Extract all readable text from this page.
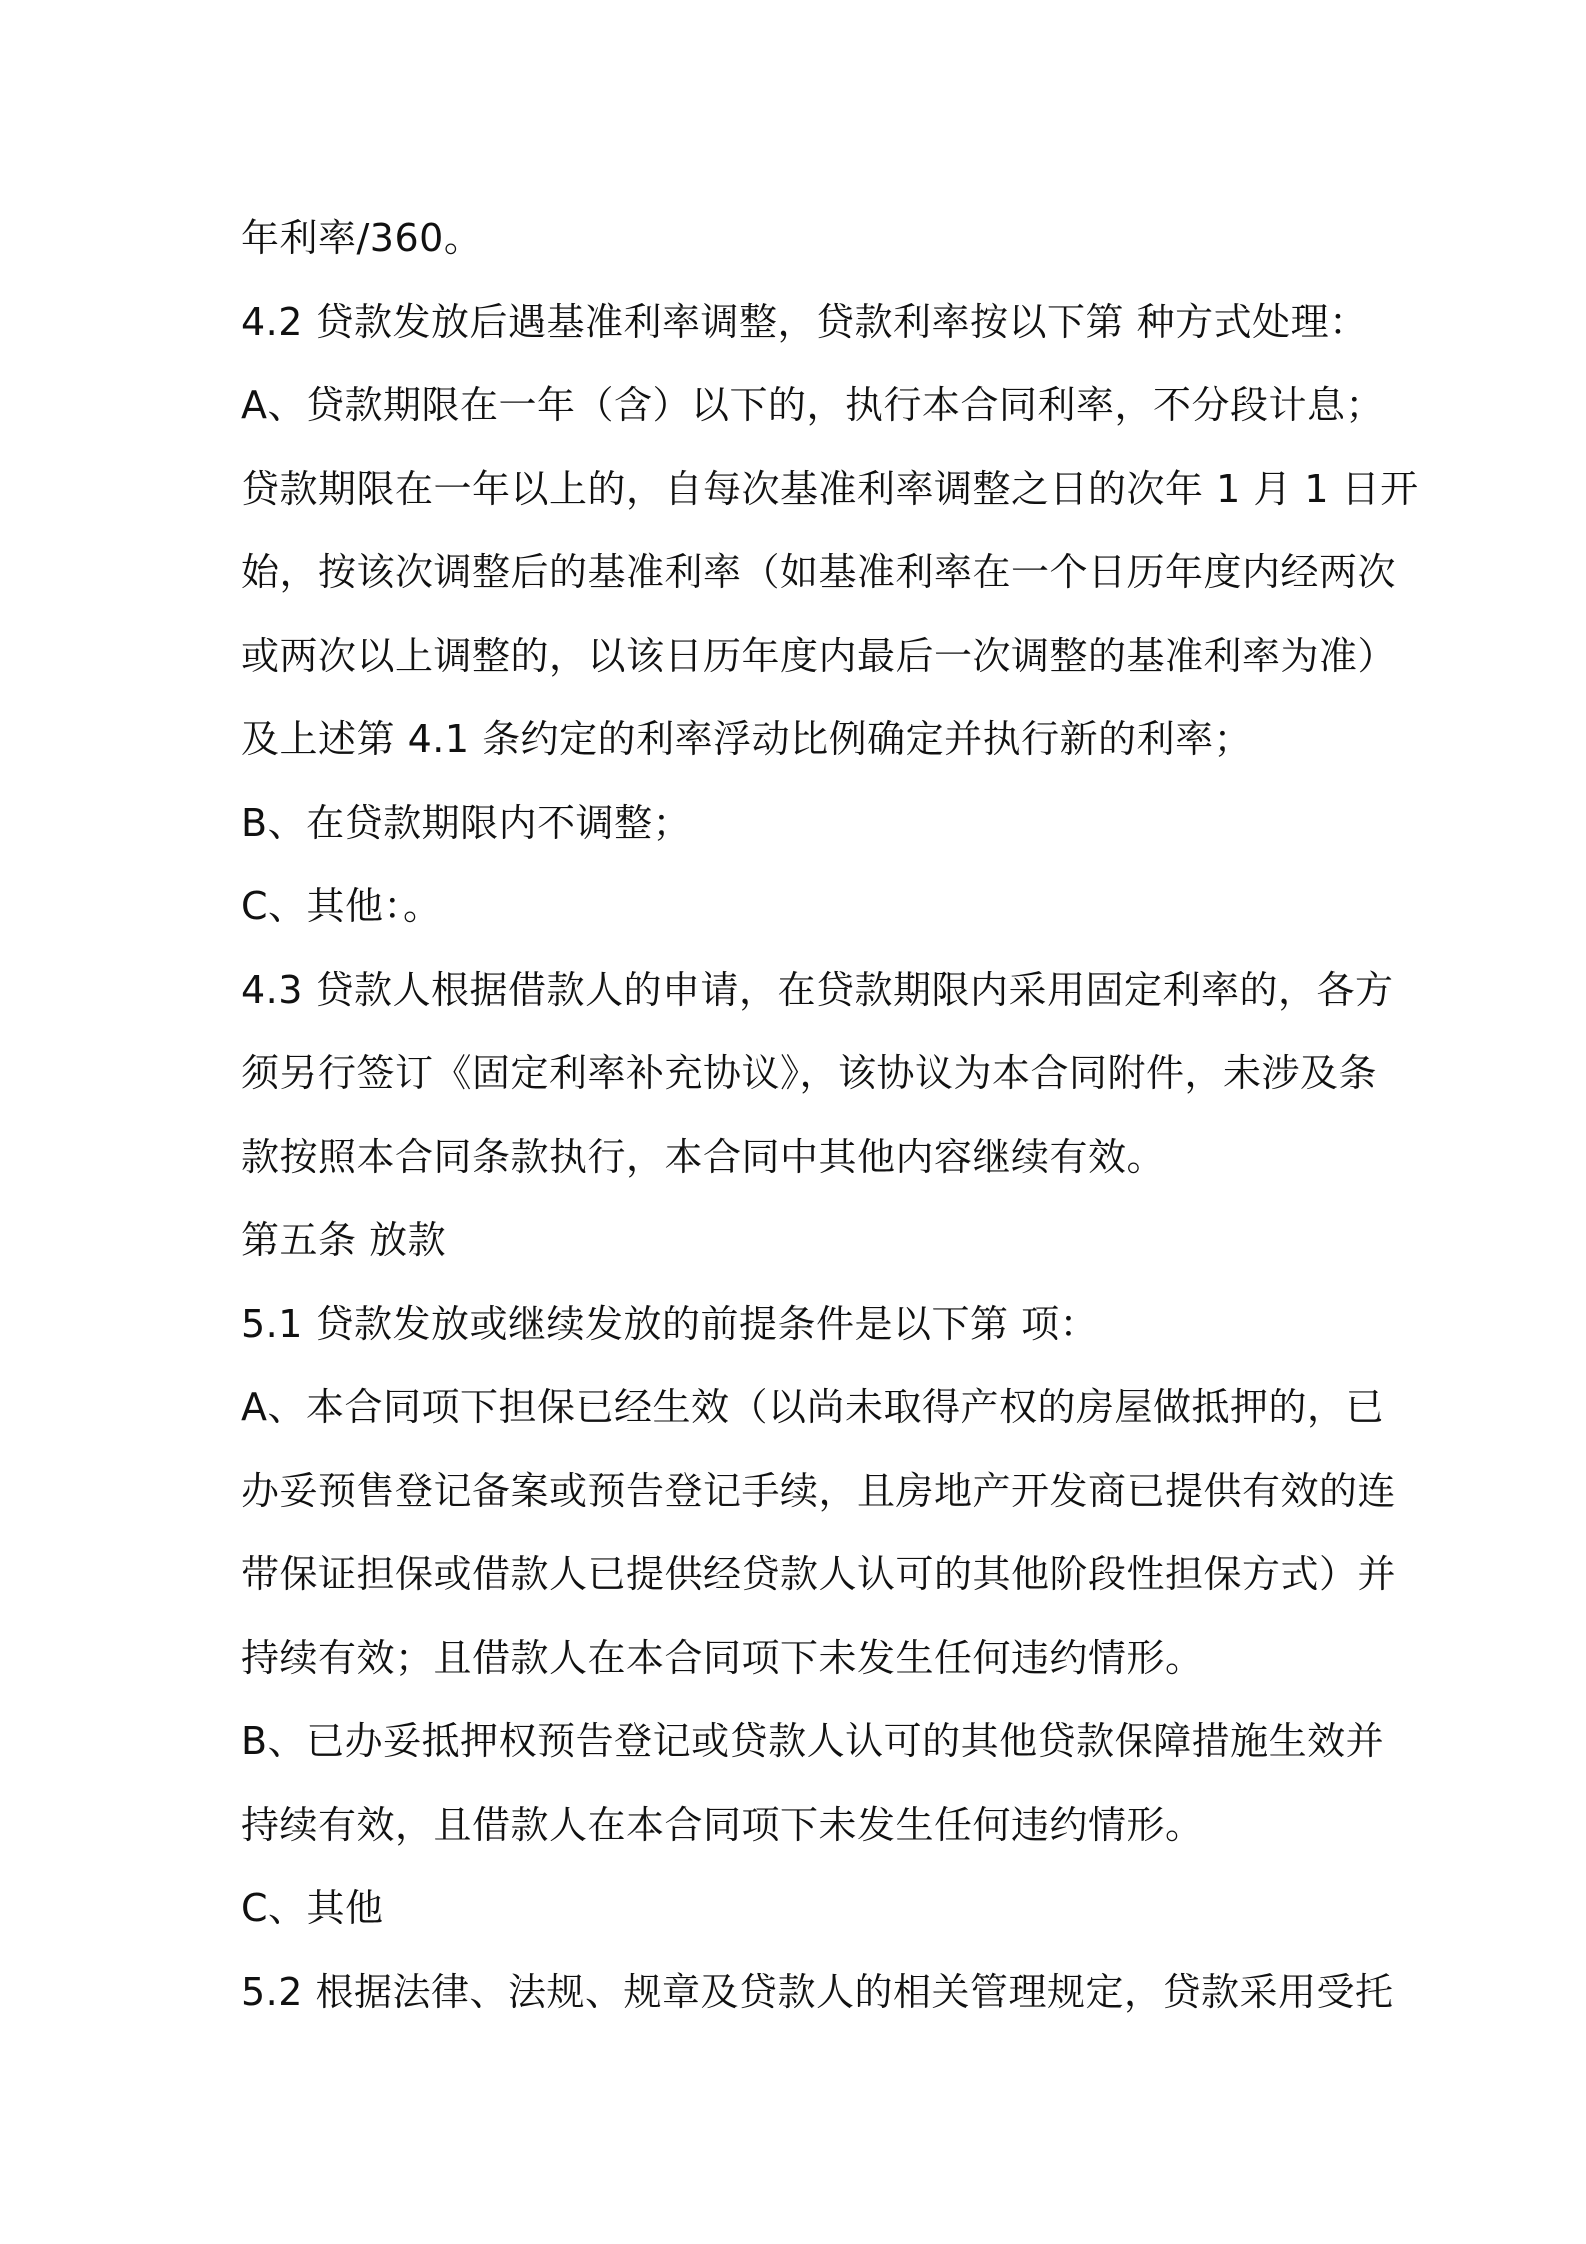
年利率/360。
4.2 贷款发放后遇基准利率调整，贷款利率按以下第 种方式处理：
A、贷款期限在一年（含）以下的，执行本合同利率，不分段计息；
贷款期限在一年以上的，自每次基准利率调整之日的次年 1 月 1 日开
始，按该次调整后的基准利率（如基准利率在一个日历年度内经两次
或两次以上调整的，以该日历年度内最后一次调整的基准利率为准）
及上述第 4.1 条约定的利率浮动比例确定并执行新的利率；
B、在贷款期限内不调整；
C、其他：。
4.3 贷款人根据借款人的申请，在贷款期限内采用固定利率的，各方
须另行签订《固定利率补充协议》，该协议为本合同附件，未涉及条
款按照本合同条款执行，本合同中其他内容继续有效。
第五条 放款
5.1 贷款发放或继续发放的前提条件是以下第 项：
A、本合同项下担保已经生效（以尚未取得产权的房屋做抵押的，已
办妥预售登记备案或预告登记手续，且房地产开发商已提供有效的连
带保证担保或借款人已提供经贷款人认可的其他阶段性担保方式）并
持续有效；且借款人在本合同项下未发生任何违约情形。
B、已办妥抵押权预告登记或贷款人认可的其他贷款保障措施生效并
持续有效，且借款人在本合同项下未发生任何违约情形。
C、其他
5.2 根据法律、法规、规章及贷款人的相关管理规定，贷款采用受托
